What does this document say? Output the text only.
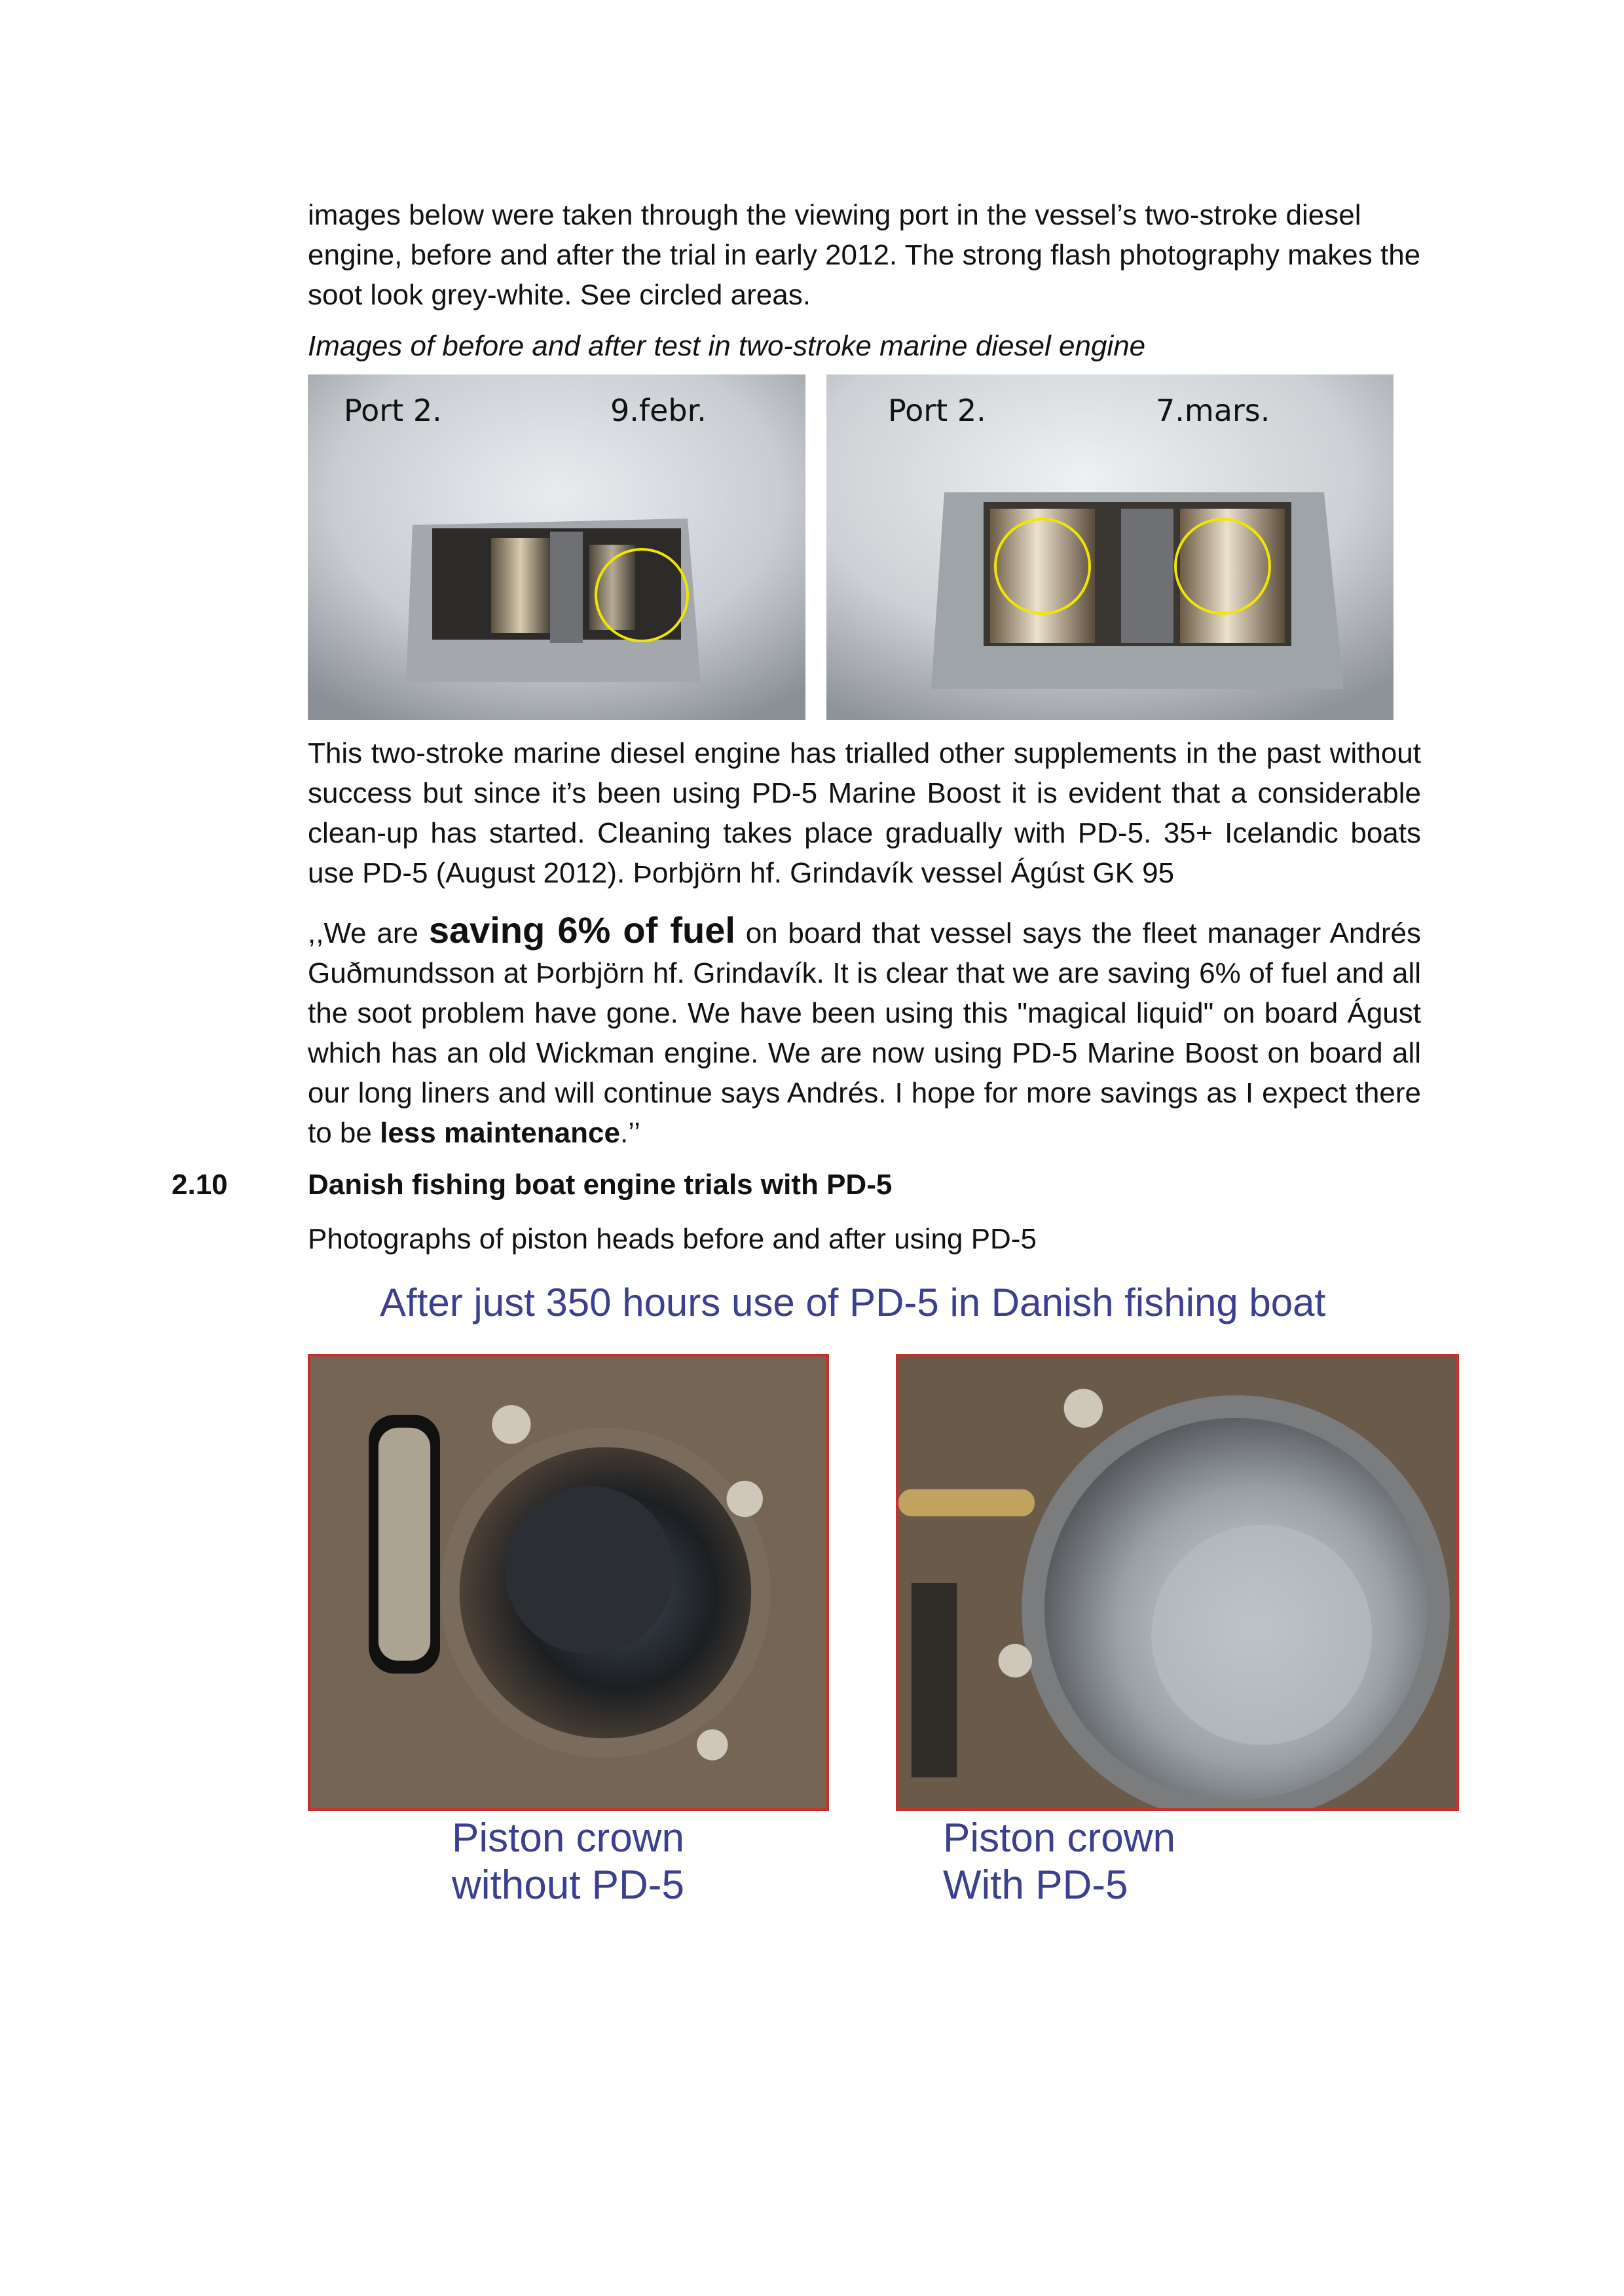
images below were taken through the viewing port in the vessel’s two-stroke diesel engine, before and after the trial in early 2012. The strong flash photography makes the soot look grey-white. See circled areas.

Images of before and after test in two-stroke marine diesel engine

Port 2.	9.febr.	Port 2.	7.mars.

This two-stroke marine diesel engine has trialled other supplements in the past without success but since it’s been using PD-5 Marine Boost it is evident that a considerable clean-up has started. Cleaning takes place gradually with PD-5. 35+ Icelandic boats use PD-5 (August 2012). Þorbjörn hf. Grindavík vessel Ágúst GK 95

,,We are saving 6% of fuel on board that vessel says the fleet manager Andrés Guðmundsson at Þorbjörn hf. Grindavík. It is clear that we are saving 6% of fuel and all the soot problem have gone. We have been using this "magical liquid" on board Águst which has an old Wickman engine. We are now using PD-5 Marine Boost on board all our long liners and will continue says Andrés. I hope for more savings as I expect there to be less maintenance.’’

2.10	Danish fishing boat engine trials with PD-5

Photographs of piston heads before and after using PD-5

After just 350 hours use of PD-5 in Danish fishing boat
Piston crown
without PD-5
Piston crown
With PD-5
